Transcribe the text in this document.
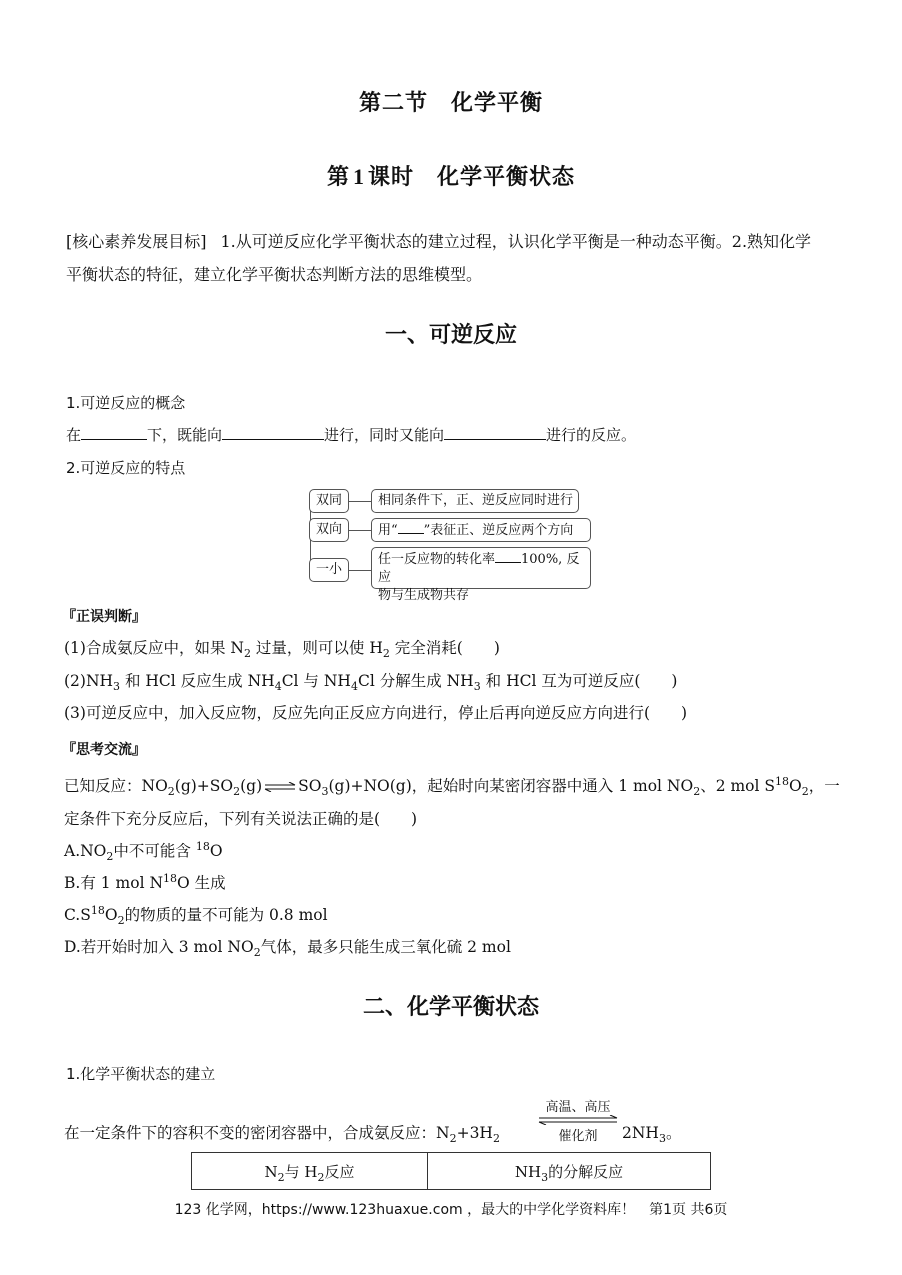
第二节　化学平衡
第 1 课时　化学平衡状态
[核心素养发展目标] 1.从可逆反应化学平衡状态的建立过程，认识化学平衡是一种动态平衡。2.熟知化学
平衡状态的特征，建立化学平衡状态判断方法的思维模型。
一、可逆反应
1.可逆反应的概念
在	下，既能向	进行，同时又能向	进行的反应。
2.可逆反应的特点
双同
双向
一小
相同条件下，正、逆反应同时进行
用“ ”表征正、逆反应两个方向
任一反应物的转化率 100%, 反应
物与生成物共存
『正误判断』
(1)合成氨反应中，如果 $N_2$ 过量，则可以使 $H_2$ 完全消耗(　　)
$(2)NH_3$ 和 HCl 反应生成 $NH_4Cl$ 与 $NH_4Cl$ 分解生成 $NH_3$ 和 HCl 互为可逆反应(　　)
(3)可逆反应中，加入反应物，反应先向正反应方向进行，停止后再向逆反应方向进行(　　)
『思考交流』
已知反应：$NO_2(g)+SO_2(g)$ ⇌ $SO_3(g)+NO(g)$，起始时向某密闭容器中通入 1 mol $NO_2$、2 mol $S^{18}O_2$，一
定条件下充分反应后，下列有关说法正确的是(　　)
$A.NO_2$中不可能含 $^{18}$O
B.有 1 mol $N^{18}O$ 生成
$C.S^{18}O_2$的物质的量不可能为 0.8 mol
D.若开始时加入 3 mol $NO_2$气体，最多只能生成三氧化硫 2 mol
二、化学平衡状态
1.化学平衡状态的建立
在一定条件下的容积不变的密闭容器中，合成氨反应：$N_2+3H_2$
高温、高压
催化剂	$2NH_3$。
$N_2$与 $H_2$反应	$NH_3$的分解反应
123 化学网，https://www.123huaxue.com ，最大的中学化学资料库！　第1页 共6页
